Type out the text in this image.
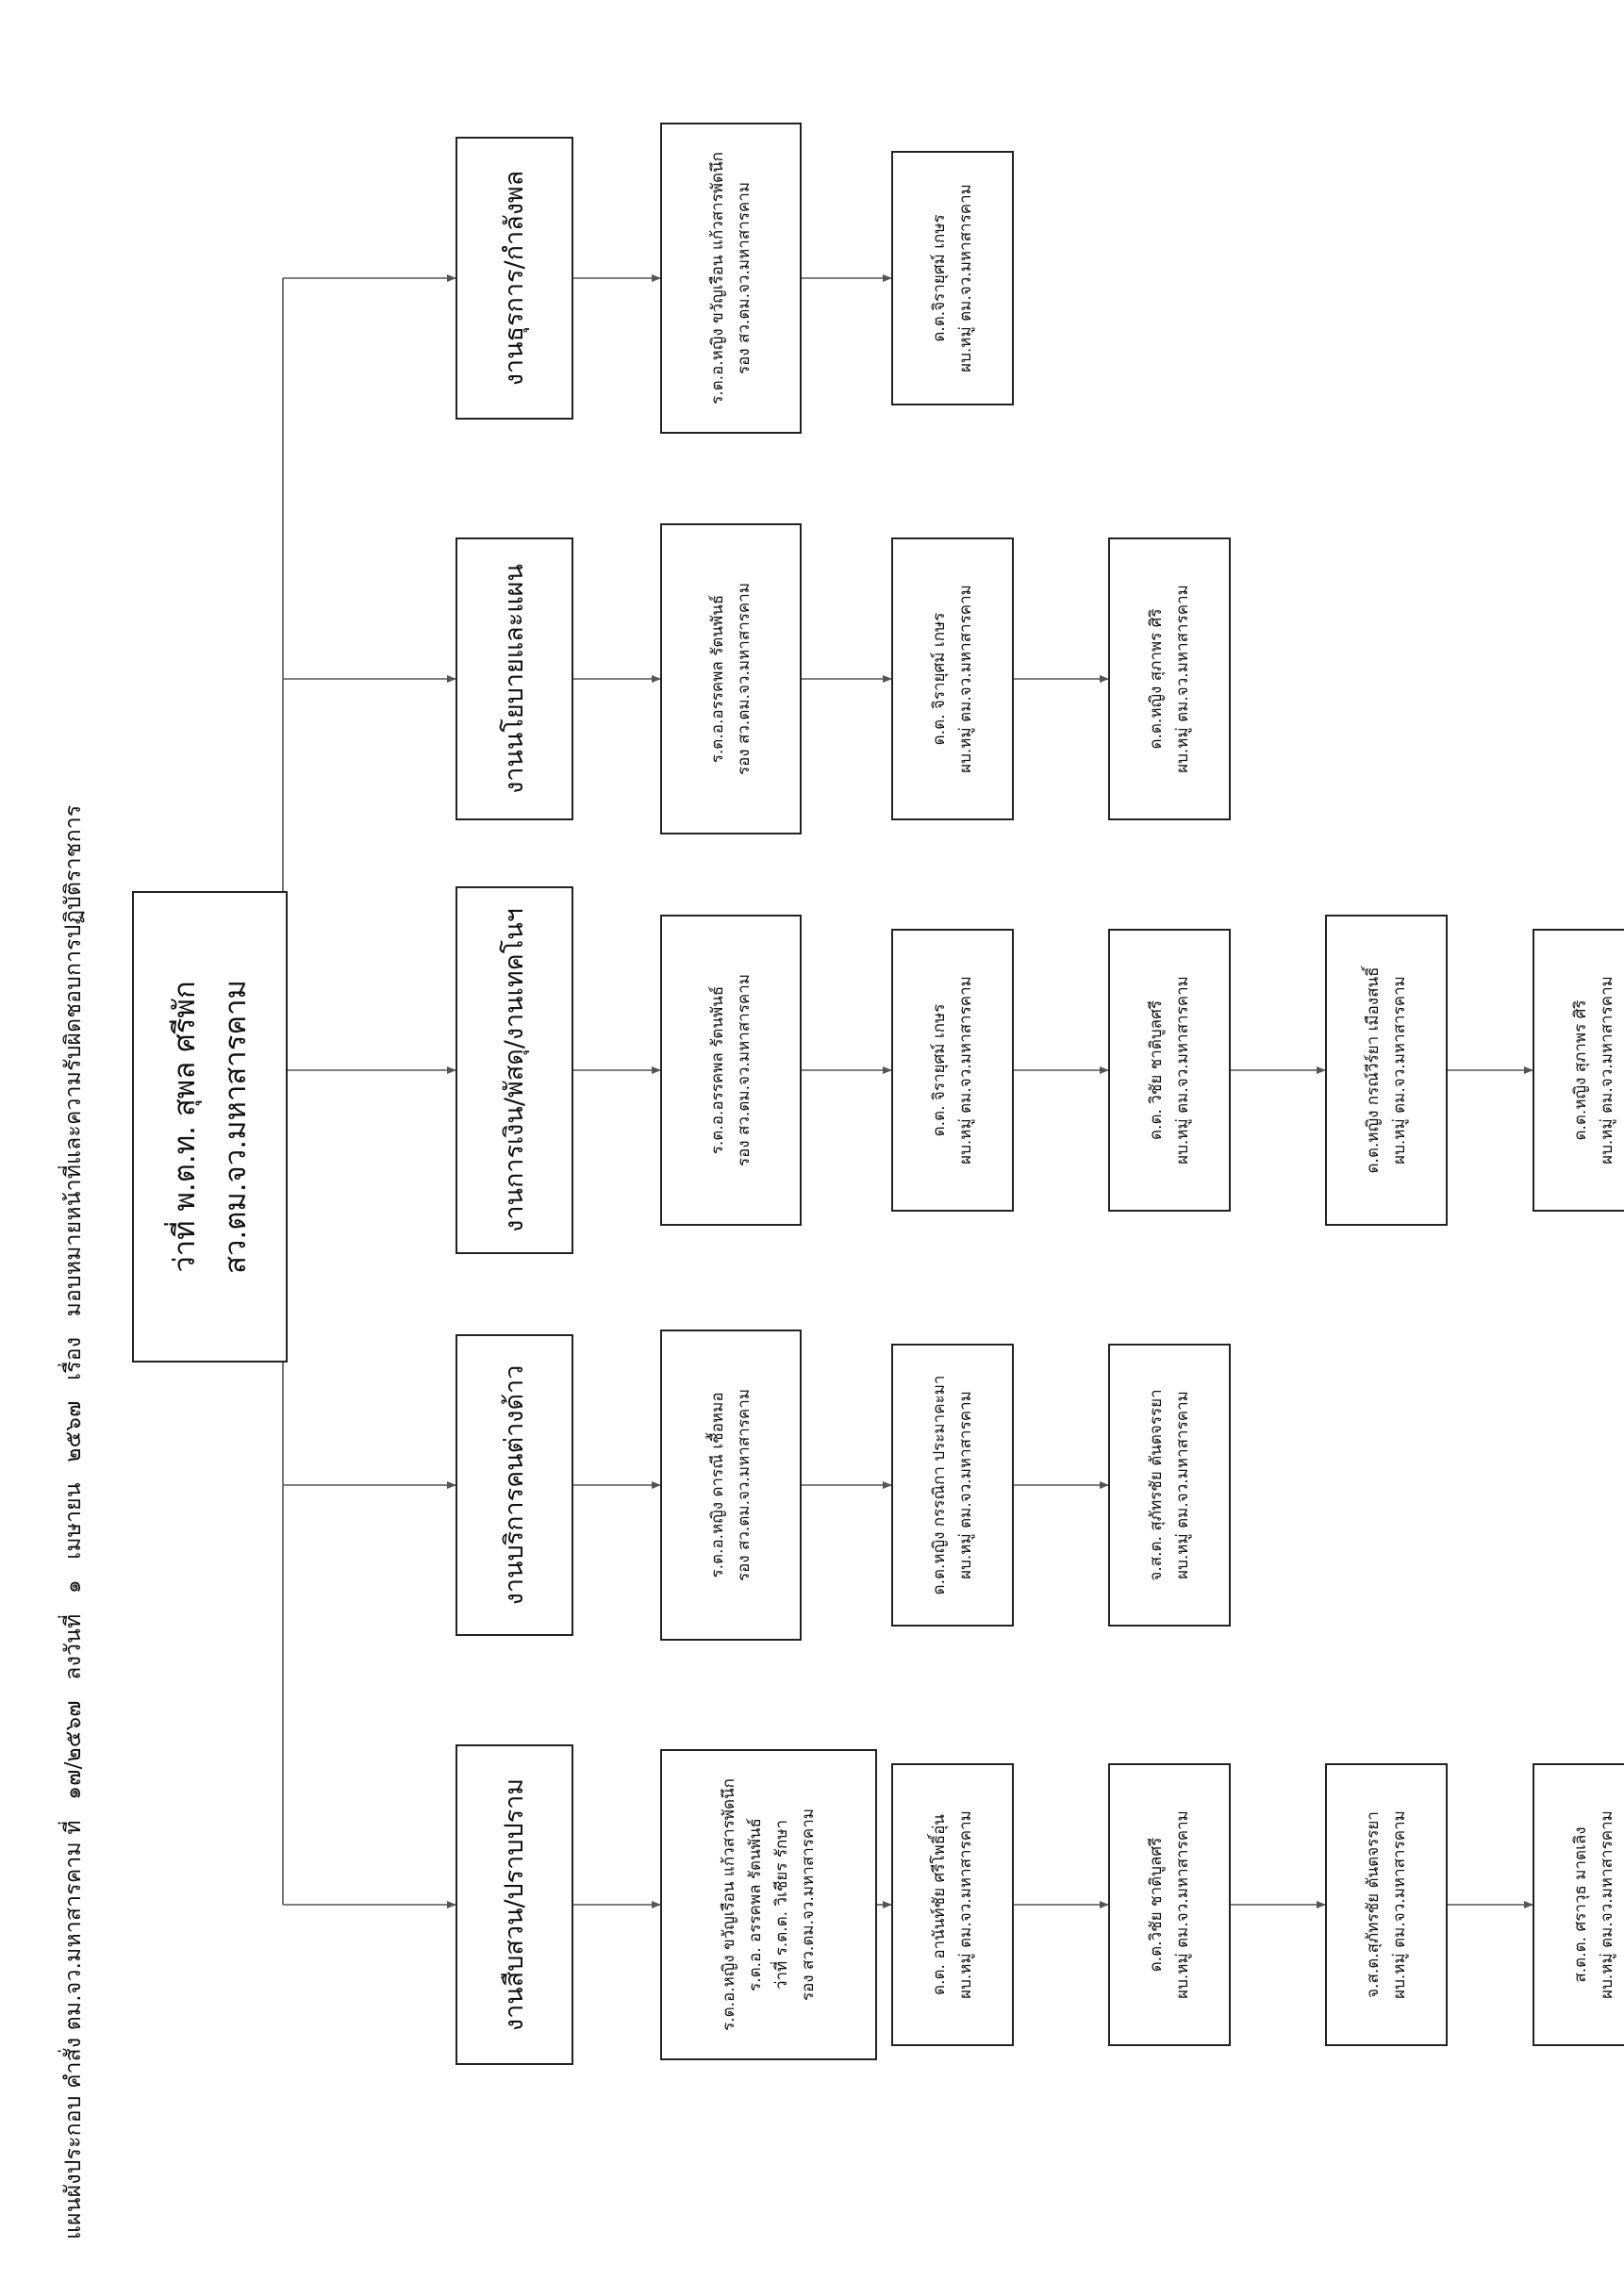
แผนผังประกอบ คำสั่ง ตม.จว.มหาสารคาม ที่ ๑๗/๒๕๖๗ ลงวันที่ ๑ เมษายน ๒๕๖๗ เรื่อง มอบหมายหน้าที่และความรับผิดชอบการปฏิบัติราชการ	ว่าที่ พ.ต.ท. สุพล ศรีพัก สว.ตม.จว.มหาสารคาม
งานธุรการ/กำลังพล	ร.ต.อ.หญิง ขวัญเรือน แก้วสารพัดนึก รอง สว.ตม.จว.มหาสารคาม	ด.ต.จิรายุศม์ เกษร ผบ.หมู่ ตม.จว.มหาสารคาม
งานนโยบายและแผน	ร.ต.อ.อรรคพล รัตนพันธ์ รอง สว.ตม.จว.มหาสารคาม	ด.ต. จิรายุศม์ เกษร ผบ.หมู่ ตม.จว.มหาสารคาม	ด.ต.หญิง สุภาพร ศิริ ผบ.หมู่ ตม.จว.มหาสารคาม
งานการเงิน/พัสดุ/งานเทคโนฯ	ร.ต.อ.อรรคพล รัตนพันธ์ รอง สว.ตม.จว.มหาสารคาม	ด.ต. จิรายุศม์ เกษร ผบ.หมู่ ตม.จว.มหาสารคาม	ด.ต. วิชัย ชาติบูลศรี ผบ.หมู่ ตม.จว.มหาสารคาม	ด.ต.หญิง กรณ์วีร์ยา เมืองสนธิ์ ผบ.หมู่ ตม.จว.มหาสารคาม	ด.ต.หญิง สุภาพร ศิริ ผบ.หมู่ ตม.จว.มหาสารคาม
งานบริการคนต่างด้าว	ร.ต.อ.หญิง ดารณี เชื้อหมอ รอง สว.ตม.จว.มหาสารคาม	ด.ต.หญิง กรรณิกา ประมาคะมา ผบ.หมู่ ตม.จว.มหาสารคาม	จ.ส.ต. สุภัทรชัย ตันตจรรยา ผบ.หมู่ ตม.จว.มหาสารคาม
งานสืบสวน/ปราบปราม	ร.ต.อ.หญิง ขวัญเรือน แก้วสารพัดนึก ร.ต.อ. อรรคพล รัตนพันธ์ ว่าที่ ร.ต.ต. วิเชียร รักษา รอง สว.ตม.จว.มหาสารคาม	ด.ต. อานันท์ชัย ศรีโพธิ์อุ่น ผบ.หมู่ ตม.จว.มหาสารคาม	ด.ต.วิชัย ชาติบูลศรี ผบ.หมู่ ตม.จว.มหาสารคาม	จ.ส.ต.สุภัทรชัย ตันตจรรยา ผบ.หมู่ ตม.จว.มหาสารคาม	ส.ต.ต. ศราวุธ มาตเลิง ผบ.หมู่ ตม.จว.มหาสารคาม
